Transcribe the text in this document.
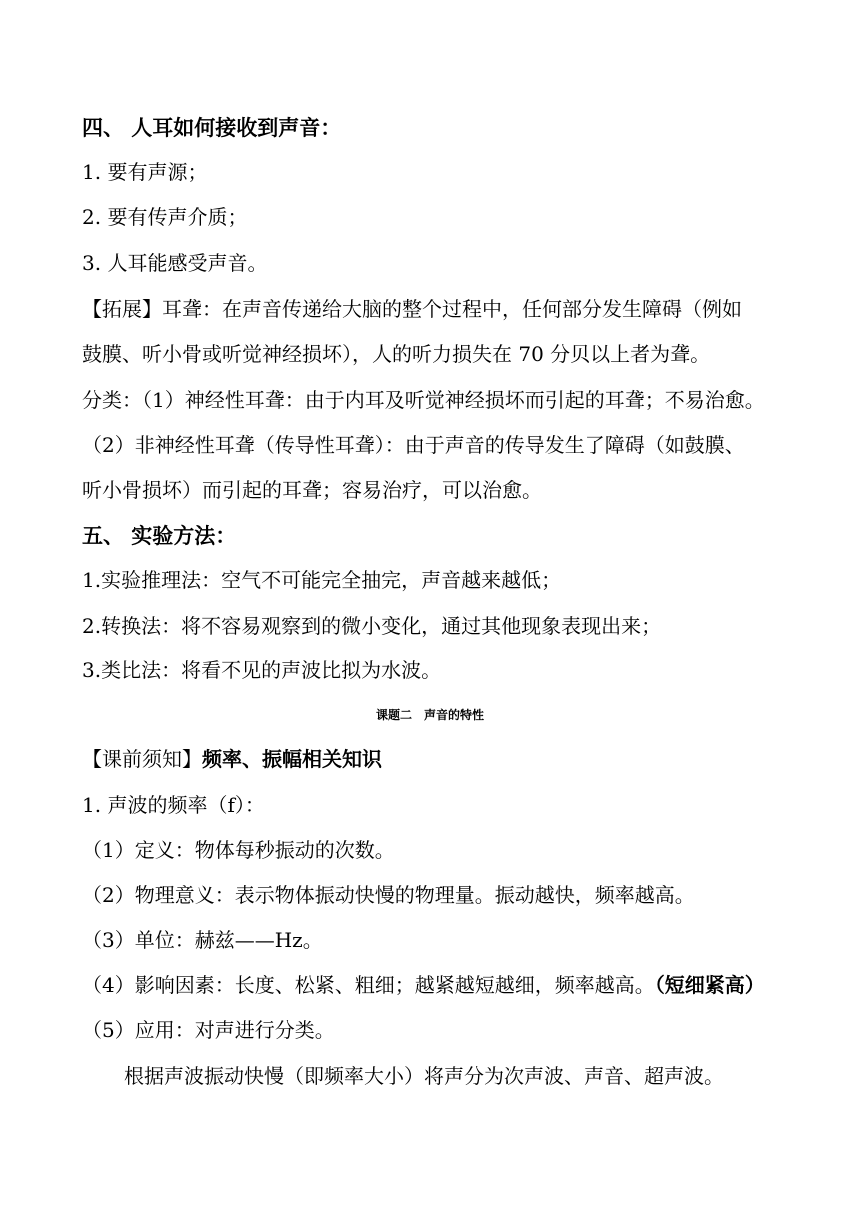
四、 人耳如何接收到声音：
1. 要有声源；
2. 要有传声介质；
3. 人耳能感受声音。
【拓展】耳聋：在声音传递给大脑的整个过程中，任何部分发生障碍（例如
鼓膜、听小骨或听觉神经损坏），人的听力损失在 70 分贝以上者为聋。
分类：（1）神经性耳聋：由于内耳及听觉神经损坏而引起的耳聋；不易治愈。
（2）非神经性耳聋（传导性耳聋）：由于声音的传导发生了障碍（如鼓膜、
听小骨损坏）而引起的耳聋；容易治疗，可以治愈。
五、 实验方法：
1.实验推理法：空气不可能完全抽完，声音越来越低；
2.转换法：将不容易观察到的微小变化，通过其他现象表现出来；
3.类比法：将看不见的声波比拟为水波。
课题二　声音的特性
【课前须知】频率、振幅相关知识
1. 声波的频率（f）：
（1）定义：物体每秒振动的次数。
（2）物理意义：表示物体振动快慢的物理量。振动越快，频率越高。
（3）单位：赫兹——Hz。
（4）影响因素：长度、松紧、粗细；越紧越短越细，频率越高。（短细紧高）
（5）应用：对声进行分类。
根据声波振动快慢（即频率大小）将声分为次声波、声音、超声波。
